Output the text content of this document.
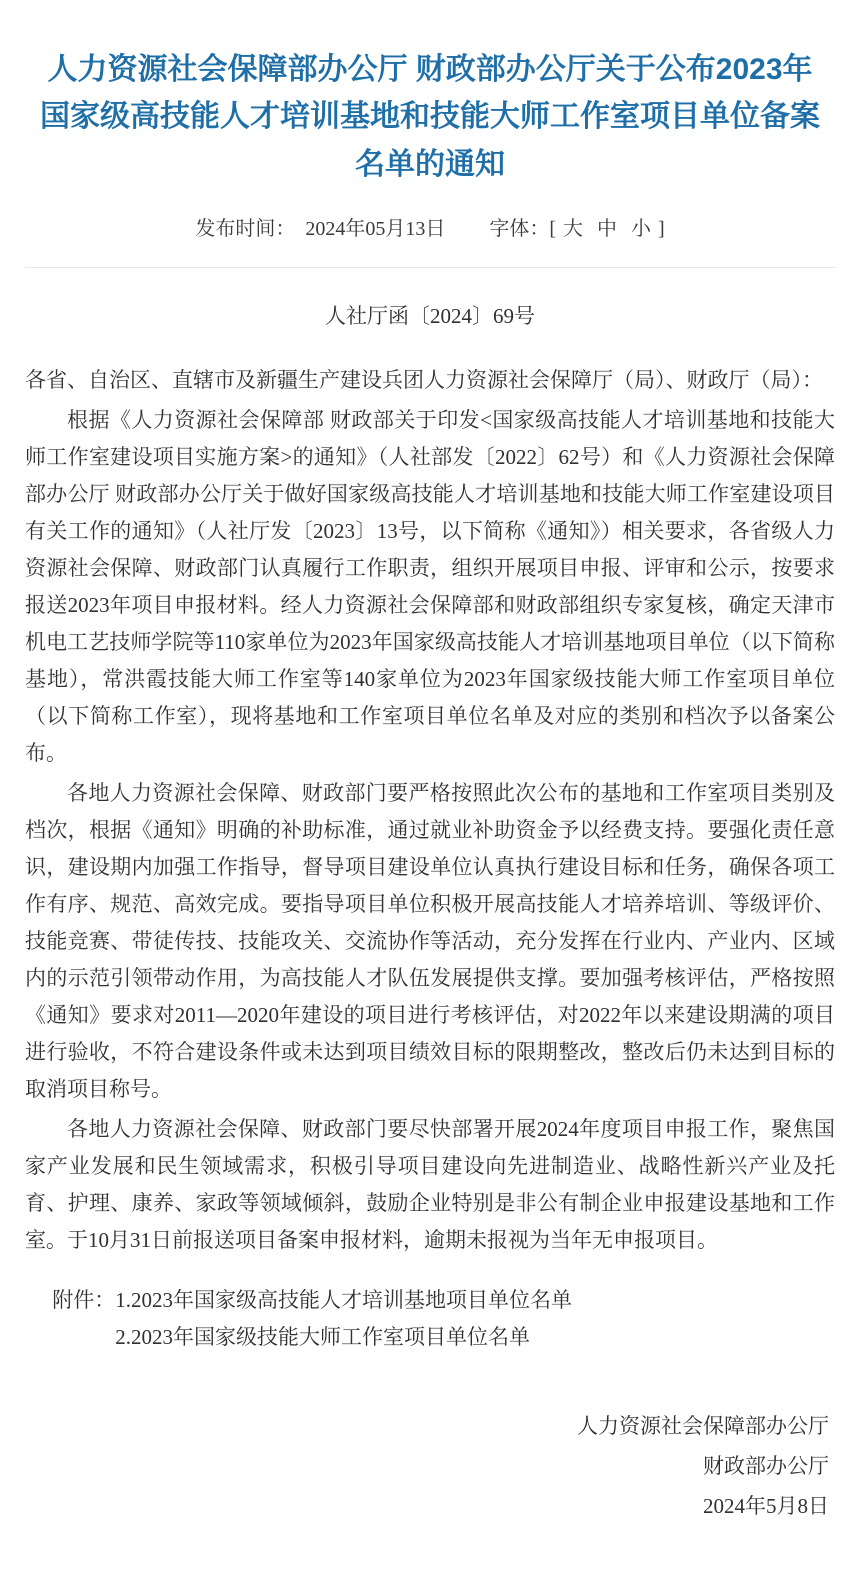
人力资源社会保障部办公厅 财政部办公厅关于公布2023年国家级高技能人才培训基地和技能大师工作室项目单位备案名单的通知
发布时间： 2024年05月13日 字体：[ 大 中 小 ]
人社厅函〔2024〕69号
各省、自治区、直辖市及新疆生产建设兵团人力资源社会保障厅（局）、财政厅（局）：

根据《人力资源社会保障部 财政部关于印发<国家级高技能人才培训基地和技能大师工作室建设项目实施方案>的通知》（人社部发〔2022〕62号）和《人力资源社会保障部办公厅 财政部办公厅关于做好国家级高技能人才培训基地和技能大师工作室建设项目有关工作的通知》（人社厅发〔2023〕13号，以下简称《通知》）相关要求，各省级人力资源社会保障、财政部门认真履行工作职责，组织开展项目申报、评审和公示，按要求报送2023年项目申报材料。经人力资源社会保障部和财政部组织专家复核，确定天津市机电工艺技师学院等110家单位为2023年国家级高技能人才培训基地项目单位（以下简称基地），常洪霞技能大师工作室等140家单位为2023年国家级技能大师工作室项目单位（以下简称工作室），现将基地和工作室项目单位名单及对应的类别和档次予以备案公布。

各地人力资源社会保障、财政部门要严格按照此次公布的基地和工作室项目类别及档次，根据《通知》明确的补助标准，通过就业补助资金予以经费支持。要强化责任意识，建设期内加强工作指导，督导项目建设单位认真执行建设目标和任务，确保各项工作有序、规范、高效完成。要指导项目单位积极开展高技能人才培养培训、等级评价、技能竞赛、带徒传技、技能攻关、交流协作等活动，充分发挥在行业内、产业内、区域内的示范引领带动作用，为高技能人才队伍发展提供支撑。要加强考核评估，严格按照《通知》要求对2011—2020年建设的项目进行考核评估，对2022年以来建设期满的项目进行验收，不符合建设条件或未达到项目绩效目标的限期整改，整改后仍未达到目标的取消项目称号。

各地人力资源社会保障、财政部门要尽快部署开展2024年度项目申报工作，聚焦国家产业发展和民生领域需求，积极引导项目建设向先进制造业、战略性新兴产业及托育、护理、康养、家政等领域倾斜，鼓励企业特别是非公有制企业申报建设基地和工作室。于10月31日前报送项目备案申报材料，逾期未报视为当年无申报项目。

附件：1.2023年国家级高技能人才培训基地项目单位名单
2.2023年国家级技能大师工作室项目单位名单
人力资源社会保障部办公厅
财政部办公厅
2024年5月8日
